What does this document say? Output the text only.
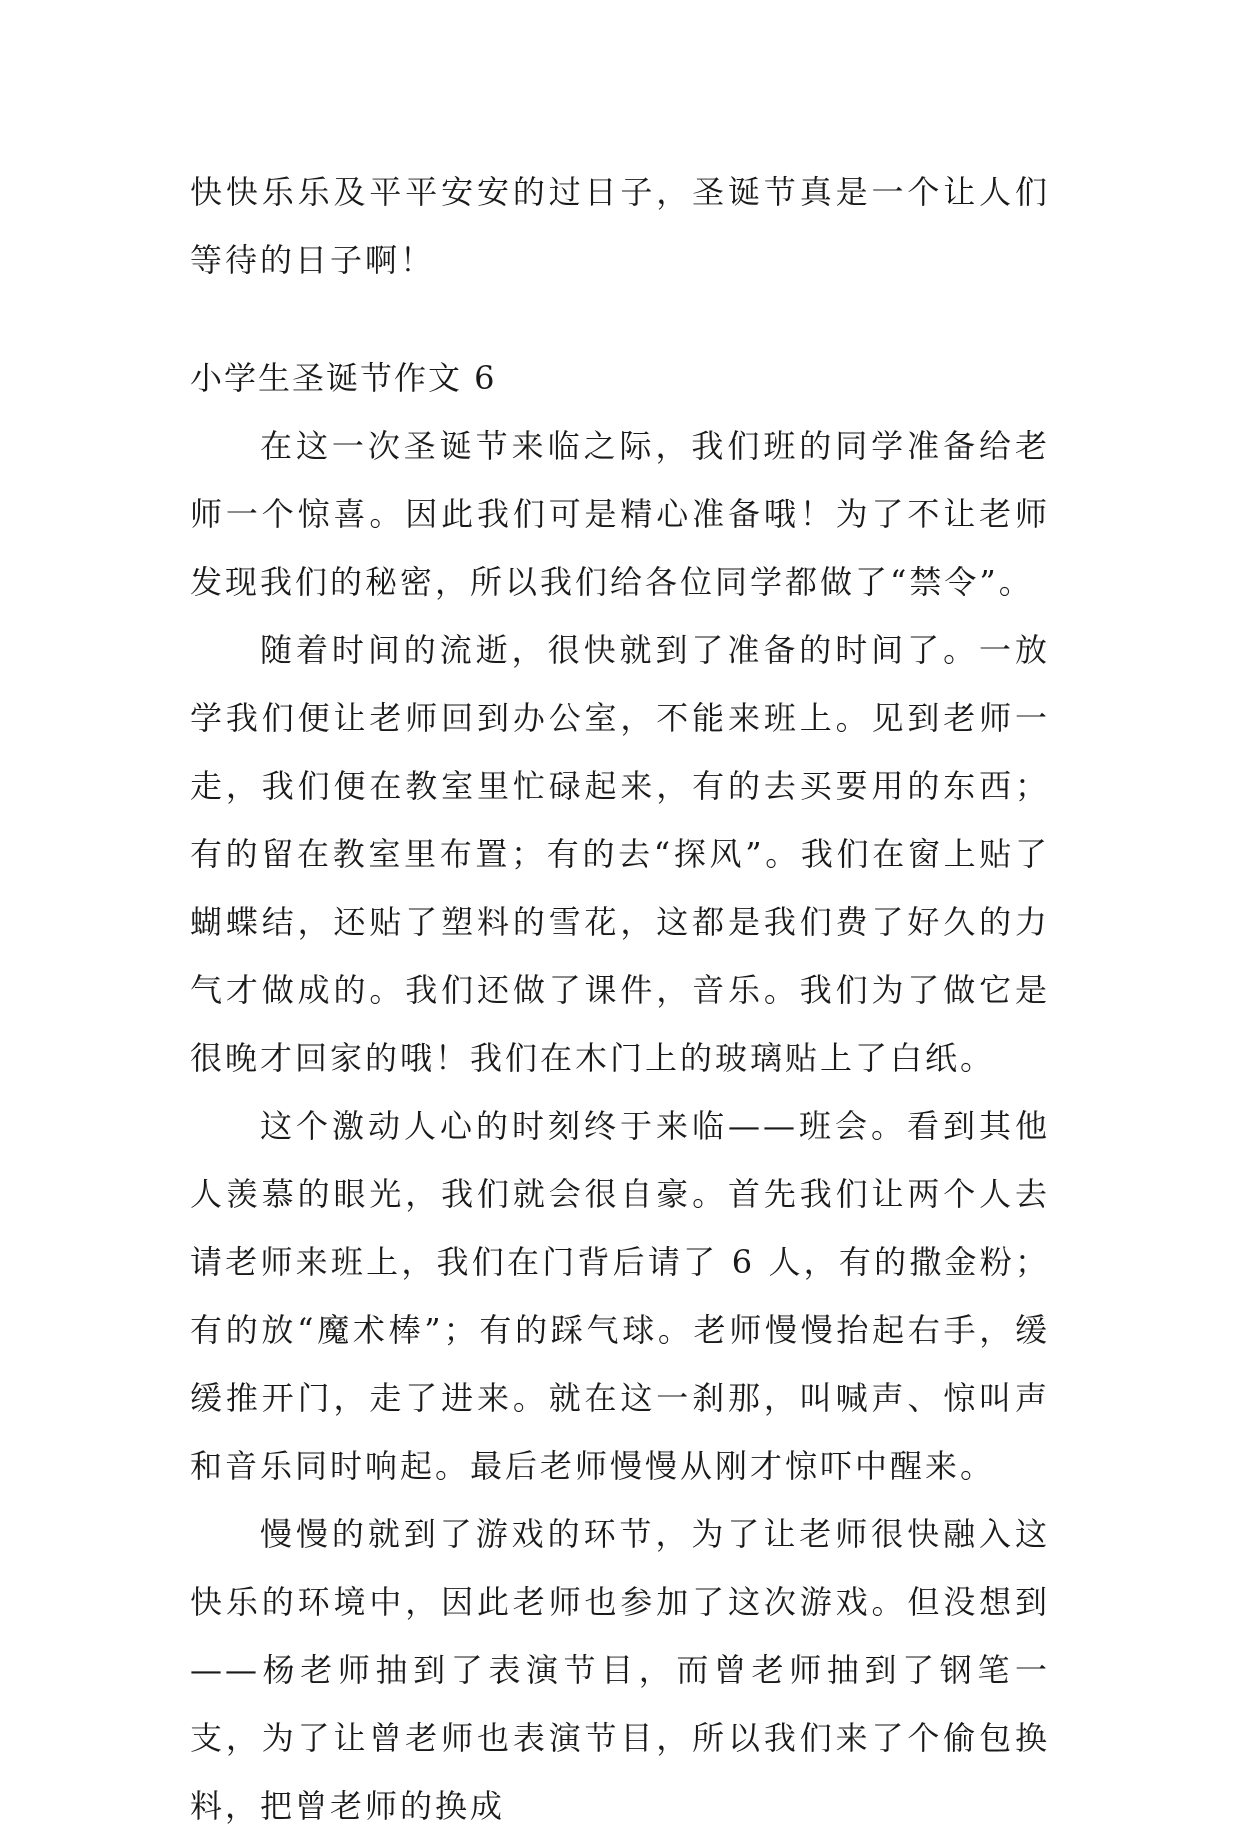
快快乐乐及平平安安的过日子，圣诞节真是一个让人们等待的日子啊！

小学生圣诞节作文 6

在这一次圣诞节来临之际，我们班的同学准备给老师一个惊喜。因此我们可是精心准备哦！为了不让老师发现我们的秘密，所以我们给各位同学都做了“禁令”。

随着时间的流逝，很快就到了准备的时间了。一放学我们便让老师回到办公室，不能来班上。见到老师一走，我们便在教室里忙碌起来，有的去买要用的东西；有的留在教室里布置；有的去“探风”。我们在窗上贴了蝴蝶结，还贴了塑料的雪花，这都是我们费了好久的力气才做成的。我们还做了课件，音乐。我们为了做它是很晚才回家的哦！我们在木门上的玻璃贴上了白纸。

这个激动人心的时刻终于来临——班会。看到其他人羡慕的眼光，我们就会很自豪。首先我们让两个人去请老师来班上，我们在门背后请了 6 人，有的撒金粉；有的放“魔术棒”；有的踩气球。老师慢慢抬起右手，缓缓推开门，走了进来。就在这一刹那，叫喊声、惊叫声和音乐同时响起。最后老师慢慢从刚才惊吓中醒来。

慢慢的就到了游戏的环节，为了让老师很快融入这快乐的环境中，因此老师也参加了这次游戏。但没想到——杨老师抽到了表演节目，而曾老师抽到了钢笔一支，为了让曾老师也表演节目，所以我们来了个偷包换料，把曾老师的换成
